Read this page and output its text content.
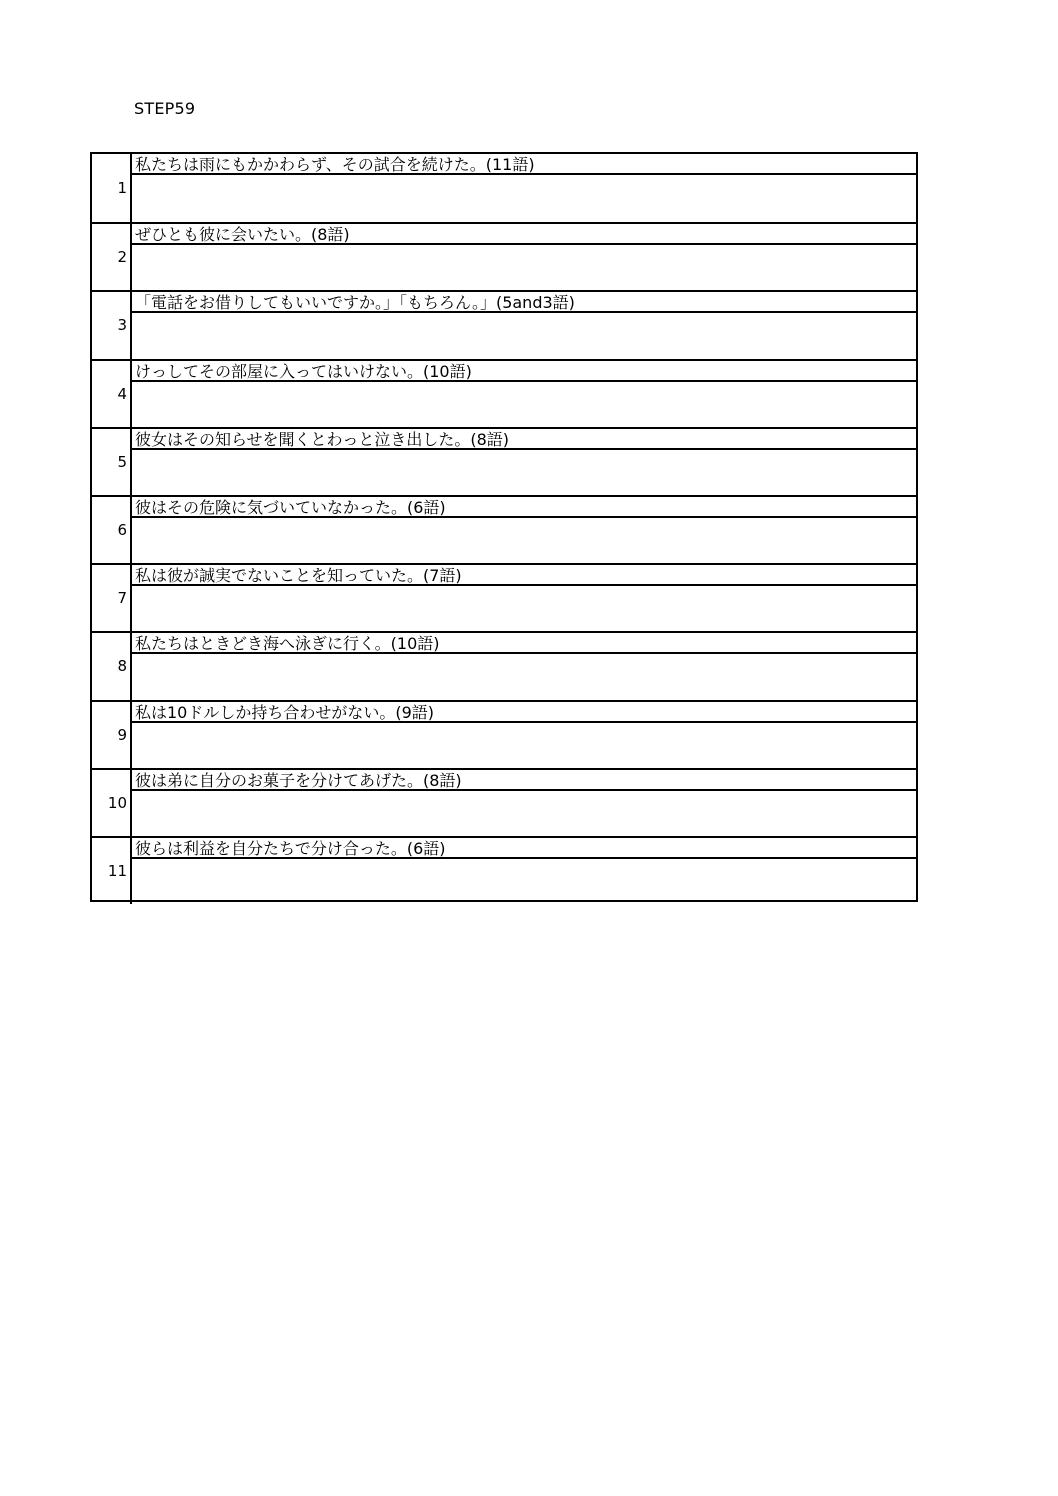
STEP59
1
私たちは雨にもかかわらず、その試合を続けた。(11語)
2
ぜひとも彼に会いたい。(8語)
3
「電話をお借りしてもいいですか。」「もちろん。」(5and3語)
4
けっしてその部屋に入ってはいけない。(10語)
5
彼女はその知らせを聞くとわっと泣き出した。(8語)
6
彼はその危険に気づいていなかった。(6語)
7
私は彼が誠実でないことを知っていた。(7語)
8
私たちはときどき海へ泳ぎに行く。(10語)
9
私は10ドルしか持ち合わせがない。(9語)
10
彼は弟に自分のお菓子を分けてあげた。(8語)
11
彼らは利益を自分たちで分け合った。(6語)
